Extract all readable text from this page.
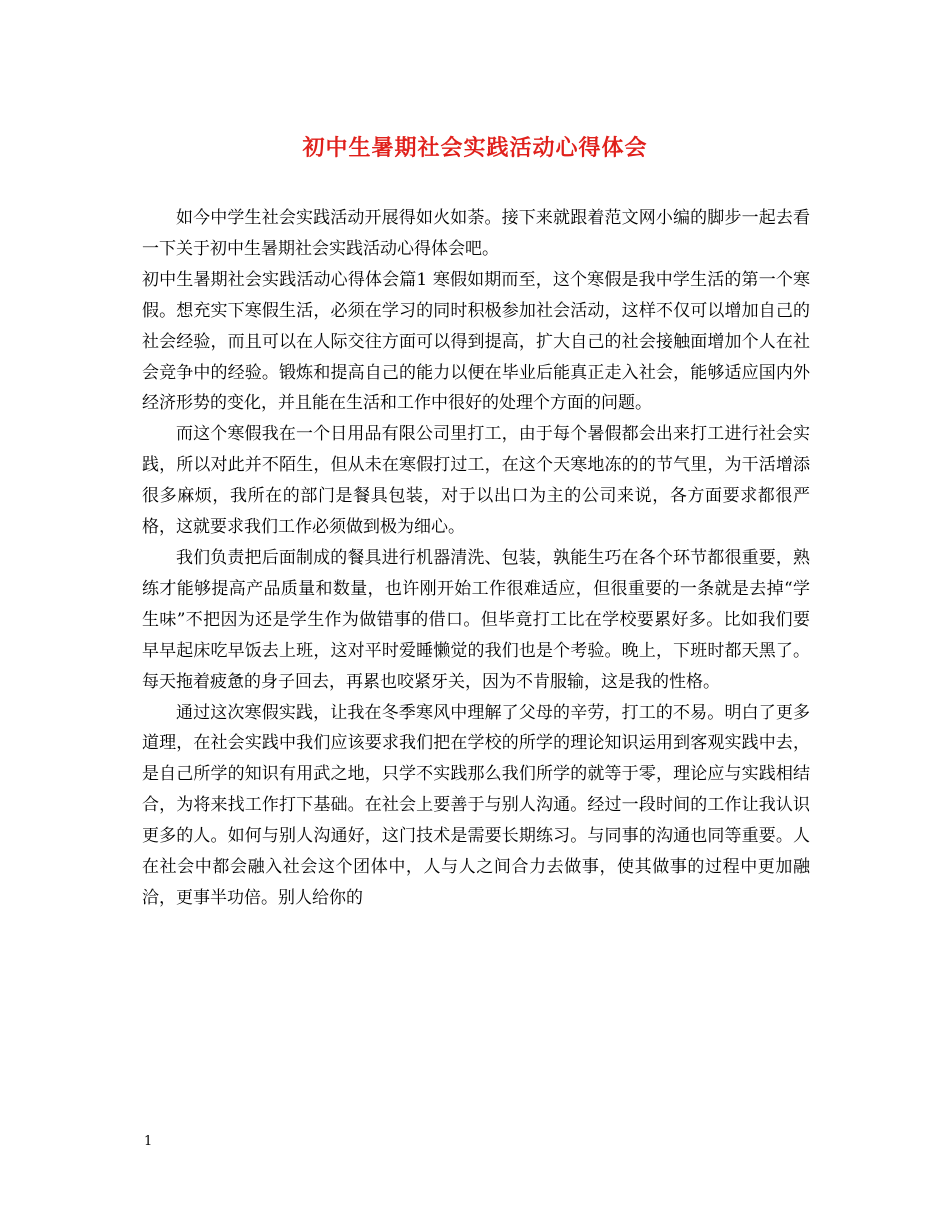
初中生暑期社会实践活动心得体会

如今中学生社会实践活动开展得如火如荼。接下来就跟着范文网小编的脚步一起去看一下关于初中生暑期社会实践活动心得体会吧。

初中生暑期社会实践活动心得体会篇1 寒假如期而至，这个寒假是我中学生活的第一个寒假。想充实下寒假生活，必须在学习的同时积极参加社会活动，这样不仅可以增加自己的社会经验，而且可以在人际交往方面可以得到提高，扩大自己的社会接触面增加个人在社会竞争中的经验。锻炼和提高自己的能力以便在毕业后能真正走入社会，能够适应国内外经济形势的变化，并且能在生活和工作中很好的处理个方面的问题。

而这个寒假我在一个日用品有限公司里打工，由于每个暑假都会出来打工进行社会实践，所以对此并不陌生，但从未在寒假打过工，在这个天寒地冻的的节气里，为干活增添很多麻烦，我所在的部门是餐具包装，对于以出口为主的公司来说，各方面要求都很严格，这就要求我们工作必须做到极为细心。

我们负责把后面制成的餐具进行机器清洗、包装，孰能生巧在各个环节都很重要，熟练才能够提高产品质量和数量，也许刚开始工作很难适应，但很重要的一条就是去掉“学生味”不把因为还是学生作为做错事的借口。但毕竟打工比在学校要累好多。比如我们要早早起床吃早饭去上班，这对平时爱睡懒觉的我们也是个考验。晚上，下班时都天黑了。每天拖着疲惫的身子回去，再累也咬紧牙关，因为不肯服输，这是我的性格。

通过这次寒假实践，让我在冬季寒风中理解了父母的辛劳，打工的不易。明白了更多道理，在社会实践中我们应该要求我们把在学校的所学的理论知识运用到客观实践中去，是自己所学的知识有用武之地，只学不实践那么我们所学的就等于零，理论应与实践相结合，为将来找工作打下基础。在社会上要善于与别人沟通。经过一段时间的工作让我认识更多的人。如何与别人沟通好，这门技术是需要长期练习。与同事的沟通也同等重要。人在社会中都会融入社会这个团体中，人与人之间合力去做事，使其做事的过程中更加融洽，更事半功倍。别人给你的

1
